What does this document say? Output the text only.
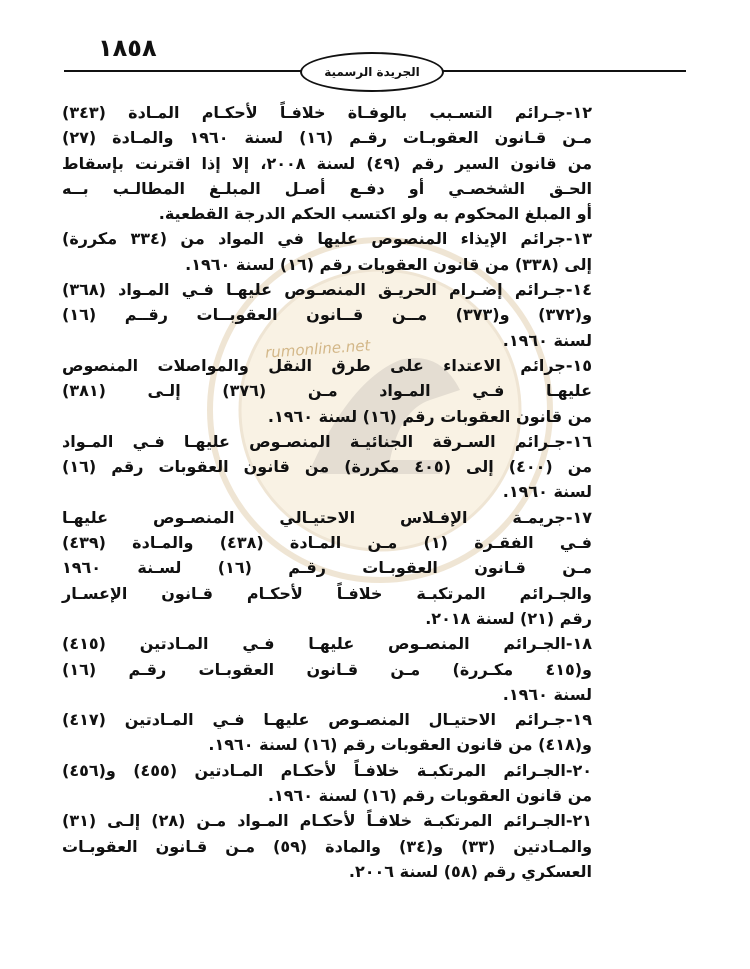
١٨٥٨
الجريدة الرسمية
rumonline.net
١٢-جـرائم التسـبب بالوفـاة خلافـاً لأحكـام المـادة (٣٤٣)
مـن قـانون العقوبـات رقـم (١٦) لسنة ١٩٦٠ والمـادة (٢٧)
من قانون السير رقم (٤٩) لسنة ٢٠٠٨، إلا إذا اقترنت بإسقاط
الحـق الشخصـي أو دفـع أصـل المبلـغ المطالـب بــه
أو المبلغ المحكوم به ولو اكتسب الحكم الدرجة القطعية.
١٣-جرائم الإيذاء المنصوص عليها في المواد من (٣٣٤ مكررة)
إلى (٣٣٨) من قانون العقوبات رقم (١٦) لسنة ١٩٦٠.
١٤-جـرائم إضـرام الحريـق المنصـوص عليهـا فـي المـواد (٣٦٨)
و(٣٧٢) و(٣٧٣) مــن قــانون العقوبــات رقــم (١٦)
لسنة ١٩٦٠.
١٥-جرائم الاعتداء على طرق النقل والمواصلات المنصوص
عليهـا فـي المـواد مـن (٣٧٦) إلـى (٣٨١)
من قانون العقوبات رقم (١٦) لسنة ١٩٦٠.
١٦-جـرائم السـرقة الجنائيـة المنصـوص عليهـا فـي المـواد
من (٤٠٠) إلى (٤٠٥ مكررة) من قانون العقوبات رقم (١٦)
لسنة ١٩٦٠.
١٧-جريمـة الإفـلاس الاحتيـالي المنصـوص عليهـا
فـي الفقـرة (١) مـن المـادة (٤٣٨) والمـادة (٤٣٩)
مـن قـانون العقوبـات رقـم (١٦) لسـنة ١٩٦٠
والجـرائم المرتكبـة خلافـاً لأحكـام قـانون الإعسـار
رقم (٢١) لسنة ٢٠١٨.
١٨-الجـرائم المنصـوص عليهـا فـي المـادتين (٤١٥)
و(٤١٥ مكـررة) مـن قـانون العقوبـات رقـم (١٦)
لسنة ١٩٦٠.
١٩-جـرائم الاحتيـال المنصـوص عليهـا فـي المـادتين (٤١٧)
و(٤١٨) من قانون العقوبات رقم (١٦) لسنة ١٩٦٠.
٢٠-الجـرائم المرتكبـة خلافـاً لأحكـام المـادتين (٤٥٥) و(٤٥٦)
من قانون العقوبات رقم (١٦) لسنة ١٩٦٠.
٢١-الجـرائم المرتكبـة خلافـاً لأحكـام المـواد مـن (٢٨) إلـى (٣١)
والمـادتين (٣٣) و(٣٤) والمادة (٥٩) مـن قـانون العقوبـات
العسكري رقم (٥٨) لسنة ٢٠٠٦.
